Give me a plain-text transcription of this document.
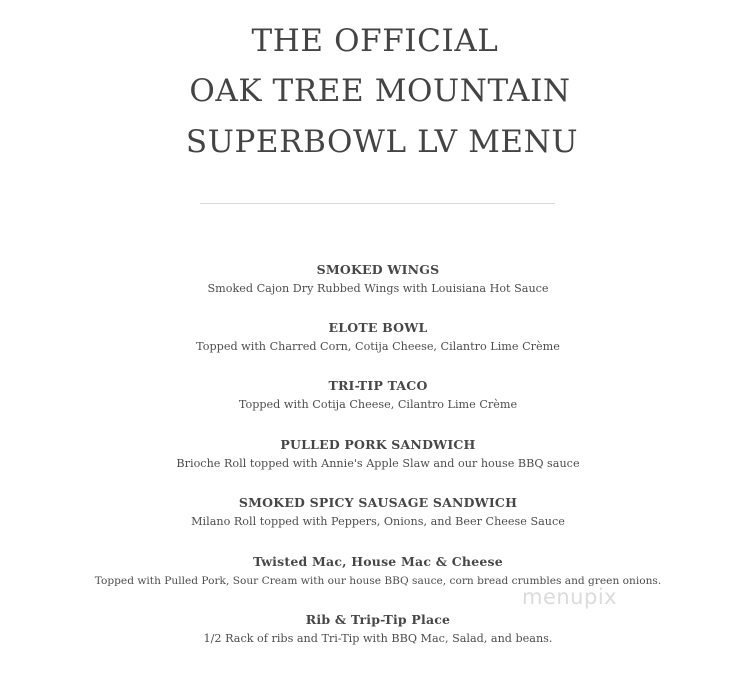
THE OFFICIAL
OAK TREE MOUNTAIN
SUPERBOWL LV MENU
SMOKED WINGS
Smoked Cajon Dry Rubbed Wings with Louisiana Hot Sauce
ELOTE BOWL
Topped with Charred Corn, Cotija Cheese, Cilantro Lime Crème
TRI-TIP TACO
Topped with Cotija Cheese, Cilantro Lime Crème
PULLED PORK SANDWICH
Brioche Roll topped with Annie's Apple Slaw and our house BBQ sauce
SMOKED SPICY SAUSAGE SANDWICH
Milano Roll topped with Peppers, Onions, and Beer Cheese Sauce
Twisted Mac, House Mac & Cheese
Topped with Pulled Pork, Sour Cream with our house BBQ sauce, corn bread crumbles and green onions.
Rib & Trip-Tip Place
1/2 Rack of ribs and Tri-Tip with BBQ Mac, Salad, and beans.
menupix
